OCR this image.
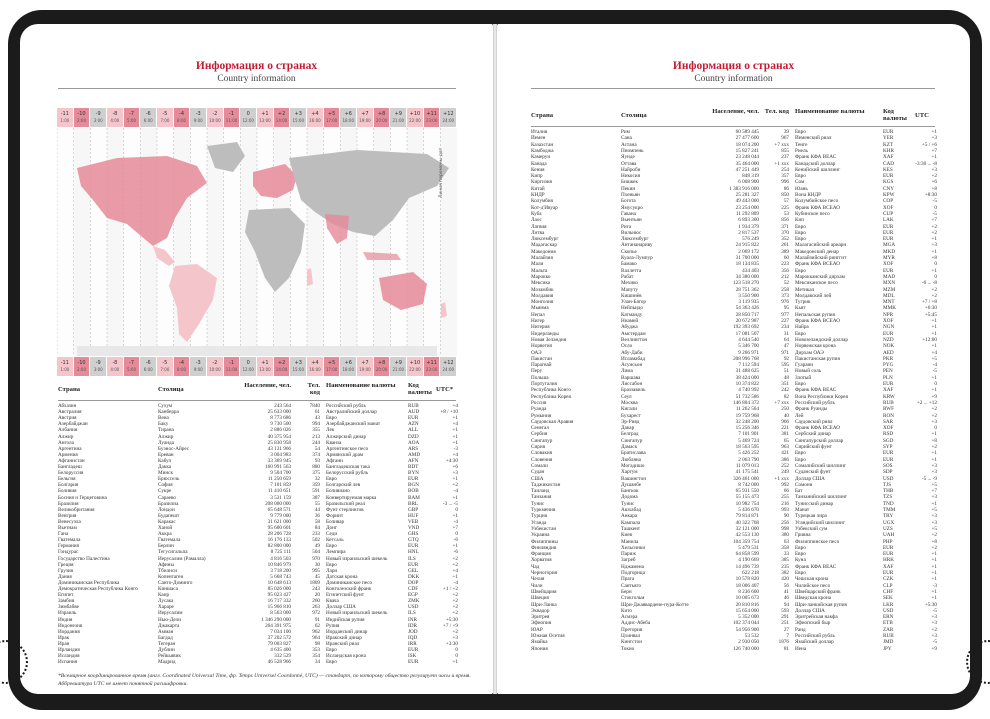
Информация о странах
Country information
-11
1:00
-10
2:00
-9
3:00
-8
4:00
-7
5:00
-6
6:00
-5
7:00
-4
8:00
-3
9:00
-2
10:00
-1
11:00
0
12:00
+1
13:00
+2
14:00
+3
15:00
+4
16:00
+5
17:00
+6
18:00
+7
19:00
+8
20:00
+9
21:00
+10
22:00
+11
23:00
+12
24:00
Линия перемены дат
-11
1:00
-10
2:00
-9
3:00
-8
4:00
-7
5:00
-6
6:00
-5
7:00
-4
8:00
-3
9:00
-2
10:00
-1
11:00
0
12:00
+1
13:00
+2
14:00
+3
15:00
+4
16:00
+5
17:00
+6
18:00
+7
19:00
+8
20:00
+9
21:00
+10
22:00
+11
23:00
+12
24:00
Страна	Столица
Население, чел.	Тел. код
Наименование валюты Код валюты UTC*
Абхазия	Сухум	243 564	7840 Российский рубль	RUB	+4
Австралия	Канберра	25 633 000	61 Австралийский доллар	AUD	+8 / +10
Австрия	Вена	8 773 686	43 Евро	EUR	+1
Азербайджан	Баку	9 730 500	994 Азербайджанский манат	AZN	+4
Албания	Тирана	2 886 026	355 Лек	ALL	+1
Алжир	Алжир	40 375 954	213 Алжирский динар	DZD	+1
Ангола	Луанда	25 830 958	244 Кванза	AOA	+1
Аргентина	Буэнос-Айрес	43 131 966	54 Аргентинское песо	ARS	-3
Армения	Ереван	3 004 983	374 Армянский драм	AMD	+4
Афганистан	Кабул	33 369 945	93 Афгани	AFN	+4:30
Бангладеш	Дакка	160 991 563	880 Бангладешская така	BDT	+6
Белоруссия	Минск	9 504 700	375 Белорусский рубль	BYN	+3
Бельгия	Брюссель	11 250 659	32 Евро	EUR	+1
Болгария	София	7 101 859	359 Болгарский лев	BGN	+2
Боливия	Сукре	11 410 651	591 Боливиано	BOB	-4
Босния и Герцеговина	Сараево	3 531 159	387 Конвертируемая марка	BAM	+1
Бразилия	Бразилиа	208 000 000	55 Бразильский реал	BRL	-3 ... -5
Великобритания	Лондон	65 648 571	44 Фунт стерлингов	GBP	0
Венгрия	Будапешт	9 779 000	36 Форинт	HUF	+1
Венесуэла	Каракас	31 621 000	58 Боливар	VEB	-4
Вьетнам	Ханой	95 600 601	84 Донг	VND	+7
Гана	Аккра	28 206 728	233 Седи	GHS	0
Гватемала	Гватемала	16 176 133	502 Кетсаль	GTQ	-6
Германия	Берлин	82 800 000	49 Евро	EUR	+1
Гондурас	Тегусигальпа	8 725 111	504 Лемпира	HNL	-6
Государство Палестина	Иерусалим (Рамалла)	4 816 503	970 Новый израильский шекель	ILS	+2
Греция	Афины	10 846 979	30 Евро	EUR	+2
Грузия	Тбилиси	3 718 200	995 Лари	GEL	+4
Дания	Копенгаген	5 668 743	45 Датская крона	DKK	+1
Доминиканская Республика	Санто-Доминго	10 648 613	1809 Доминиканское песо	DOP	-4
Демократическая Республика Конго	Киншаса	85 026 000	243 Конголезский франк	CDF	+1 / +2
Египет	Каир	95 023 427	20 Египетский фунт	EGP	+2
Замбия	Лусака	16 717 332	260 Квача	ZMK	+2
Зимбабве	Хараре	15 966 810	263 Доллар США	USD	+2
Израиль	Иерусалим	8 563 000	972 Новый израильский шекель	ILS	+2
Индия	Нью-Дели	1 346 290 000	91 Индийская рупия	INR	+5:30
Индонезия	Джакарта	264 391 975	62 Рупия	IDR	+7 / +9
Иордания	Амман	7 034 100	962 Иорданский динар	JOD	+2
Ирак	Багдад	37 202 572	964 Иракский динар	IQD	+3
Иран	Тегеран	79 003 827	98 Иранский риал	IRR	+3:30
Ирландия	Дублин	4 635 400	353 Евро	EUR	0
Исландия	Рейкьявик	332 529	354 Исландская крона	ISK	0
Испания	Мадрид	46 528 966	34 Евро	EUR	+1
*Всемирное координированное время (англ. Coordinated Universal Time, фр. Temps Universel Coordonné, UTC) — стандарт, по которому общество регулирует часы и время. Аббревиатура UTC не имеет понятной расшифровки.
Информация о странах
Country information
Страна	Столица
Население, чел. Тел. код Наименование валюты	Код валюты UTC
Италия	Рим	60 589 445	39 Евро	EUR	+1
Йемен	Сана	27 477 600	967 Йеменский риал	YER	+3
Казахстан	Астана	18 074 200	+7 xxx Тенге	KZT	+5 / +6
Камбоджа	Пномпень	15 827 241	855 Риель	KHR	+7
Камерун	Яунде	23 248 044	237 Франк КФА ВЕАС	XAF	+1
Канада	Оттава	35 464 000	+1 xxx Канадский доллар	CAD	-3:30 ... -8
Кения	Найроби	47 251 449	254 Кенийский шиллинг	KES	+3
Кипр	Никосия	848 319	357 Евро	EUR	+2
Киргизия	Бишкек	6 008 900	996 Сом	KGS	+6
Китай	Пекин	1 383 916 000	86 Юань	CNY	+8
КНДР	Пхеньян	25 281 327	850 Вона КНДР	KPW	+8:30
Колумбия	Богота	49 443 000	57 Колумбийское песо	COP	-5
Кот-д'Ивуар	Ямусукро	23 254 000	225 Франк КФА ВСЕАО	XOF	0
Куба	Гавана	11 292 809	53 Кубинское песо	CUP	-5
Лаос	Вьентьян	6 893 300	856 Кип	LAK	+7
Латвия	Рига	1 934 379	371 Евро	EUR	+2
Литва	Вильнюс	2 817 537	370 Евро	EUR	+2
Люксембург	Люксембург	576 249	352 Евро	EUR	+1
Мадагаскар	Антананариву	24 915 822	261 Малагасийский ариари	MGA	+3
Македония	Скопье	2 069 172	389 Македонский денар	MKD	+1
Малайзия	Куала-Лумпур	31 700 000	60 Малайзийский ринггит	MYR	+8
Мали	Бамако	18 134 835	223 Франк КФА ВСЕАО	XOF	0
Мальта	Валлетта	434 403	356 Евро	EUR	+1
Марокко	Рабат	34 380 000	212 Марокканский дирхам	MAD	0
Мексика	Мехико	123 518 270	52 Мексиканское песо	MXN	-6 ... -8
Мозамбик	Мапуту	28 751 362	258 Метикал	MZM	+2
Молдавия	Кишинёв	3 550 900	373 Молдавский лей	MDL	+2
Монголия	Улан-Батор	3 119 935	976 Тугрик	MNT	+7 / +8
Мьянма	Нейпьидо	54 363 426	95 Кьят	MMK	+6:30
Непал	Катманду	28 850 717	977 Непальская рупия	NPR	+5:45
Нигер	Ниамей	20 672 987	227 Франк КФА ВСЕАО	XOF	+1
Нигерия	Абуджа	192 393 692	234 Найра	NGN	+1
Нидерланды	Амстердам	17 081 507	31 Евро	EUR	+1
Новая Зеландия	Веллингтон	4 644 540	64 Новозеландский доллар	NZD	+12:00
Норвегия	Осло	5 346 700	47 Норвежская крона	NOK	+1
ОАЭ	Абу-Даби	9 266 971	971 Дирхам ОАЭ	AED	+4
Пакистан	Исламабад	208 996 768	92 Пакистанская рупия	PKR	+5
Парагвай	Асунсьон	7 112 594	595 Гуарани	PYG	-4
Перу	Лима	31 488 625	51 Новый соль	PEN	-5
Польша	Варшава	38 424 000	48 Злотый	PLN	+1
Португалия	Лиссабон	10 374 822	351 Евро	EUR	0
Республика Конго	Браззавиль	4 740 992	242 Франк КФА ВЕАС	XAF	+1
Республика Корея	Сеул	51 732 586	82 Вона Республики Корея	KRW	+9
Россия	Москва	146 804 372	+7 xxx Российский рубль	RUB	+2 ... +12
Руанда	Кигали	11 262 564	250 Франк Руанды	RWF	+2
Румыния	Бухарест	19 759 968	40 Лей	RON	+2
Саудовская Аравия	Эр-Рияд	32 248 200	966 Саудовский риял	SAR	+3
Сенегал	Дакар	15 256 346	221 Франк КФА ВСЕАО	XOF	0
Сербия	Белград	7 101 901	381 Сербский динар	RSD	+1
Сингапур	Сингапур	5 469 724	65 Сингапурский доллар	SGD	+8
Сирия	Дамаск	18 563 595	963 Сирийский фунт	SYP	+2
Словакия	Братислава	5 426 252	421 Евро	EUR	+1
Словения	Любляна	2 063 790	386 Евро	EUR	+1
Сомали	Могадишо	11 079 013	252 Сомалийский шиллинг	SOS	+3
Судан	Хартум	41 175 541	249 Суданский фунт	SDP	+3
США	Вашингтон	326 461 000	+1 xxx Доллар США	USD	-5 ... -9
Таджикистан	Душанбе	8 742 000	992 Сомони	TJS	+5
Таиланд	Бангкок	65 931 550	66 Бат	THB	+7
Танзания	Додома	55 155 473	255 Танзанийский шиллинг	TZS	+3
Тунис	Тунис	10 982 754	216 Тунисский динар	TND	+1
Туркмения	Ашхабад	5 436 670	993 Манат	TMM	+5
Турция	Анкара	79 814 871	90 Турецкая лира	TRY	+3
Уганда	Кампала	40 322 768	256 Угандийский шиллинг	UGX	+3
Узбекистан	Ташкент	32 121 000	998 Узбекский сум	UZS	+5
Украина	Киев	42 553 130	380 Гривна	UAH	+2
Филиппины	Манила	104 359 754	63 Филиппинское песо	PHP	+8
Финляндия	Хельсинки	5 479 531	358 Евро	EUR	+2
Франция	Париж	64 858 599	33 Евро	EUR	+1
Хорватия	Загреб	4 190 669	385 Куна	HRK	+1
Чад	Нджамена	14 496 739	235 Франк КФА ВЕАС	XAF	+1
Черногория	Подгорица	622 218	382 Евро	EUR	+1
Чехия	Прага	10 578 820	420 Чешская крона	CZK	+1
Чили	Сантьяго	18 006 407	56 Чилийское песо	CLP	-3
Швейцария	Берн	8 236 600	41 Швейцарский франк	CHF	+1
Швеция	Стокгольм	10 005 673	46 Шведская крона	SEK	+1
Шри-Ланка	Шри-Джаявардене-пура-Котте	20 810 816	94 Шри-ланкийская рупия	LKR	+5:30
Эквадор	Кито	15 654 000	593 Доллар США	USD	-5
Эритрея	Асмэра	5 352 000	291 Эритрейская накфа	ERN	+3
Эфиопия	Аддис-Абеба	102 374 044	251 Эфиопский быр	ETB	+3
ЮАР	Претория	54 956 900	27 Ранд	ZAR	+2
Южная Осетия	Цхинвал	53 532	7 Российский рубль	RUB	+3
Ямайка	Кингстон	2 930 050	1876 Ямайский доллар	JMD	-5
Япония	Токио	126 740 000	81 Иена	JPY	+9
